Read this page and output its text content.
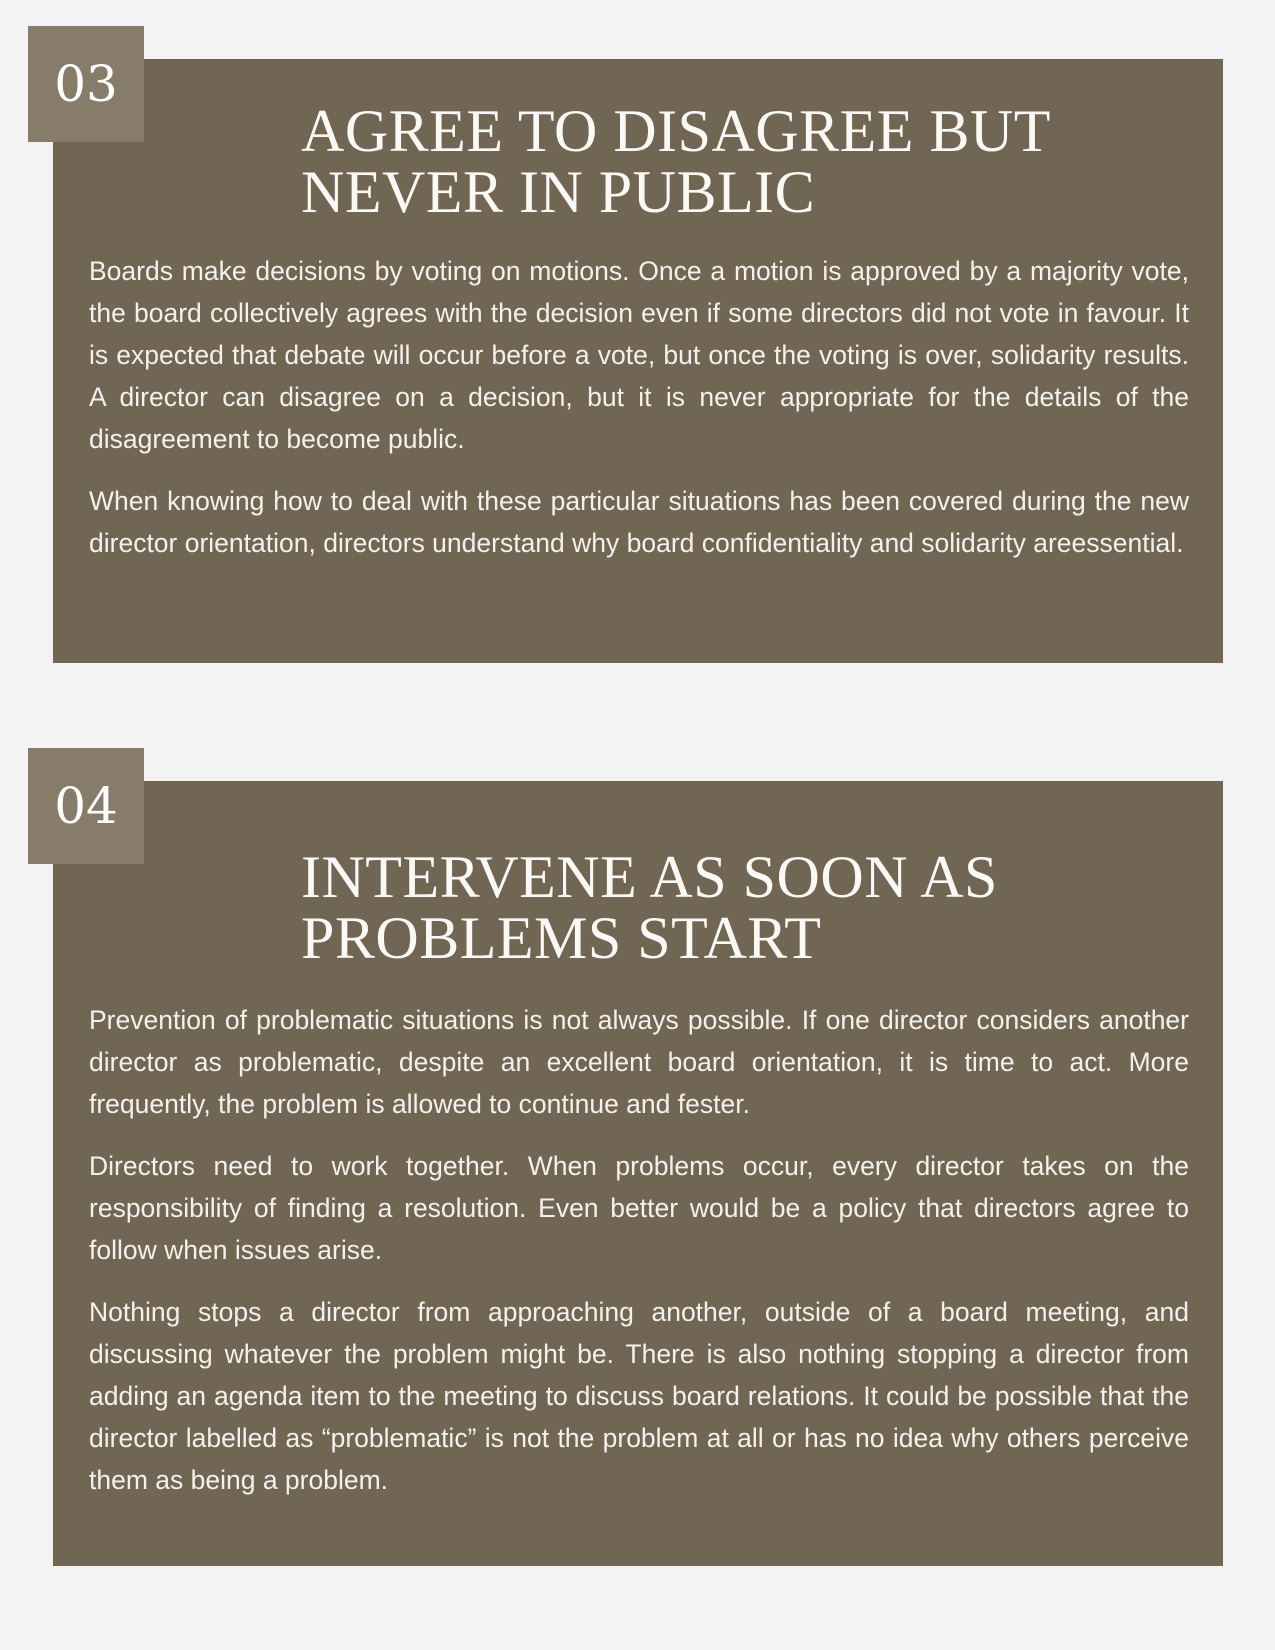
03
AGREE TO DISAGREE BUT NEVER IN PUBLIC

Boards make decisions by voting on motions. Once a motion is approved by a majority vote, the board collectively agrees with the decision even if some directors did not vote in favour. It is expected that debate will occur before a vote, but once the voting is over, solidarity results. A director can disagree on a decision, but it is never appropriate for the details of the disagreement to become public.

When knowing how to deal with these particular situations has been covered during the new director orientation, directors understand why board confidentiality and solidarity areessential.

04
INTERVENE AS SOON AS PROBLEMS START

Prevention of problematic situations is not always possible. If one director considers another director as problematic, despite an excellent board orientation, it is time to act. More frequently, the problem is allowed to continue and fester.

Directors need to work together. When problems occur, every director takes on the responsibility of finding a resolution. Even better would be a policy that directors agree to follow when issues arise.

Nothing stops a director from approaching another, outside of a board meeting, and discussing whatever the problem might be. There is also nothing stopping a director from adding an agenda item to the meeting to discuss board relations. It could be possible that the director labelled as “problematic” is not the problem at all or has no idea why others perceive them as being a problem.
